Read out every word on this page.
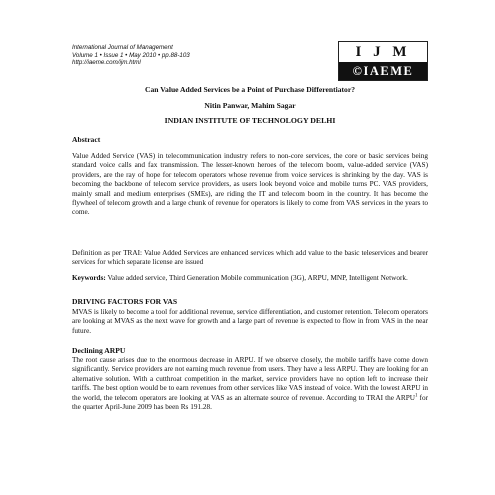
International Journal of Management
Volume 1 • Issue 1 • May 2010 • pp.88-103
http://iaeme.com/ijm.html
I J M
©IAEME
Can Value Added Services be a Point of Purchase Differentiator?
Nitin Panwar, Mahim Sagar
INDIAN INSTITUTE OF TECHNOLOGY DELHI
Abstract
Value Added Service (VAS) in telecommunication industry refers to non-core services, the core or basic services being standard voice calls and fax transmission. The lesser-known heroes of the telecom boom, value-added service (VAS) providers, are the ray of hope for telecom operators whose revenue from voice services is shrinking by the day. VAS is becoming the backbone of telecom service providers, as users look beyond voice and mobile turns PC. VAS providers, mainly small and medium enterprises (SMEs), are riding the IT and telecom boom in the country. It has become the flywheel of telecom growth and a large chunk of revenue for operators is likely to come from VAS services in the years to come.
Definition as per TRAI: Value Added Services are enhanced services which add value to the basic teleservices and bearer services for which separate license are issued
Keywords: Value added service, Third Generation Mobile communication (3G), ARPU, MNP, Intelligent Network.
DRIVING FACTORS FOR VAS
MVAS is likely to become a tool for additional revenue, service differentiation, and customer retention. Telecom operators are looking at MVAS as the next wave for growth and a large part of revenue is expected to flow in from VAS in the near future.
Declining ARPU
The root cause arises due to the enormous decrease in ARPU. If we observe closely, the mobile tariffs have come down significantly. Service providers are not earning much revenue from users. They have a less ARPU. They are looking for an alternative solution. With a cutthroat competition in the market, service providers have no option left to increase their tariffs. The best option would be to earn revenues from other services like VAS instead of voice. With the lowest ARPU in the world, the telecom operators are looking at VAS as an alternate source of revenue. According to TRAI the ARPU$^1$ for the quarter April-June 2009 has been Rs 191.28.
